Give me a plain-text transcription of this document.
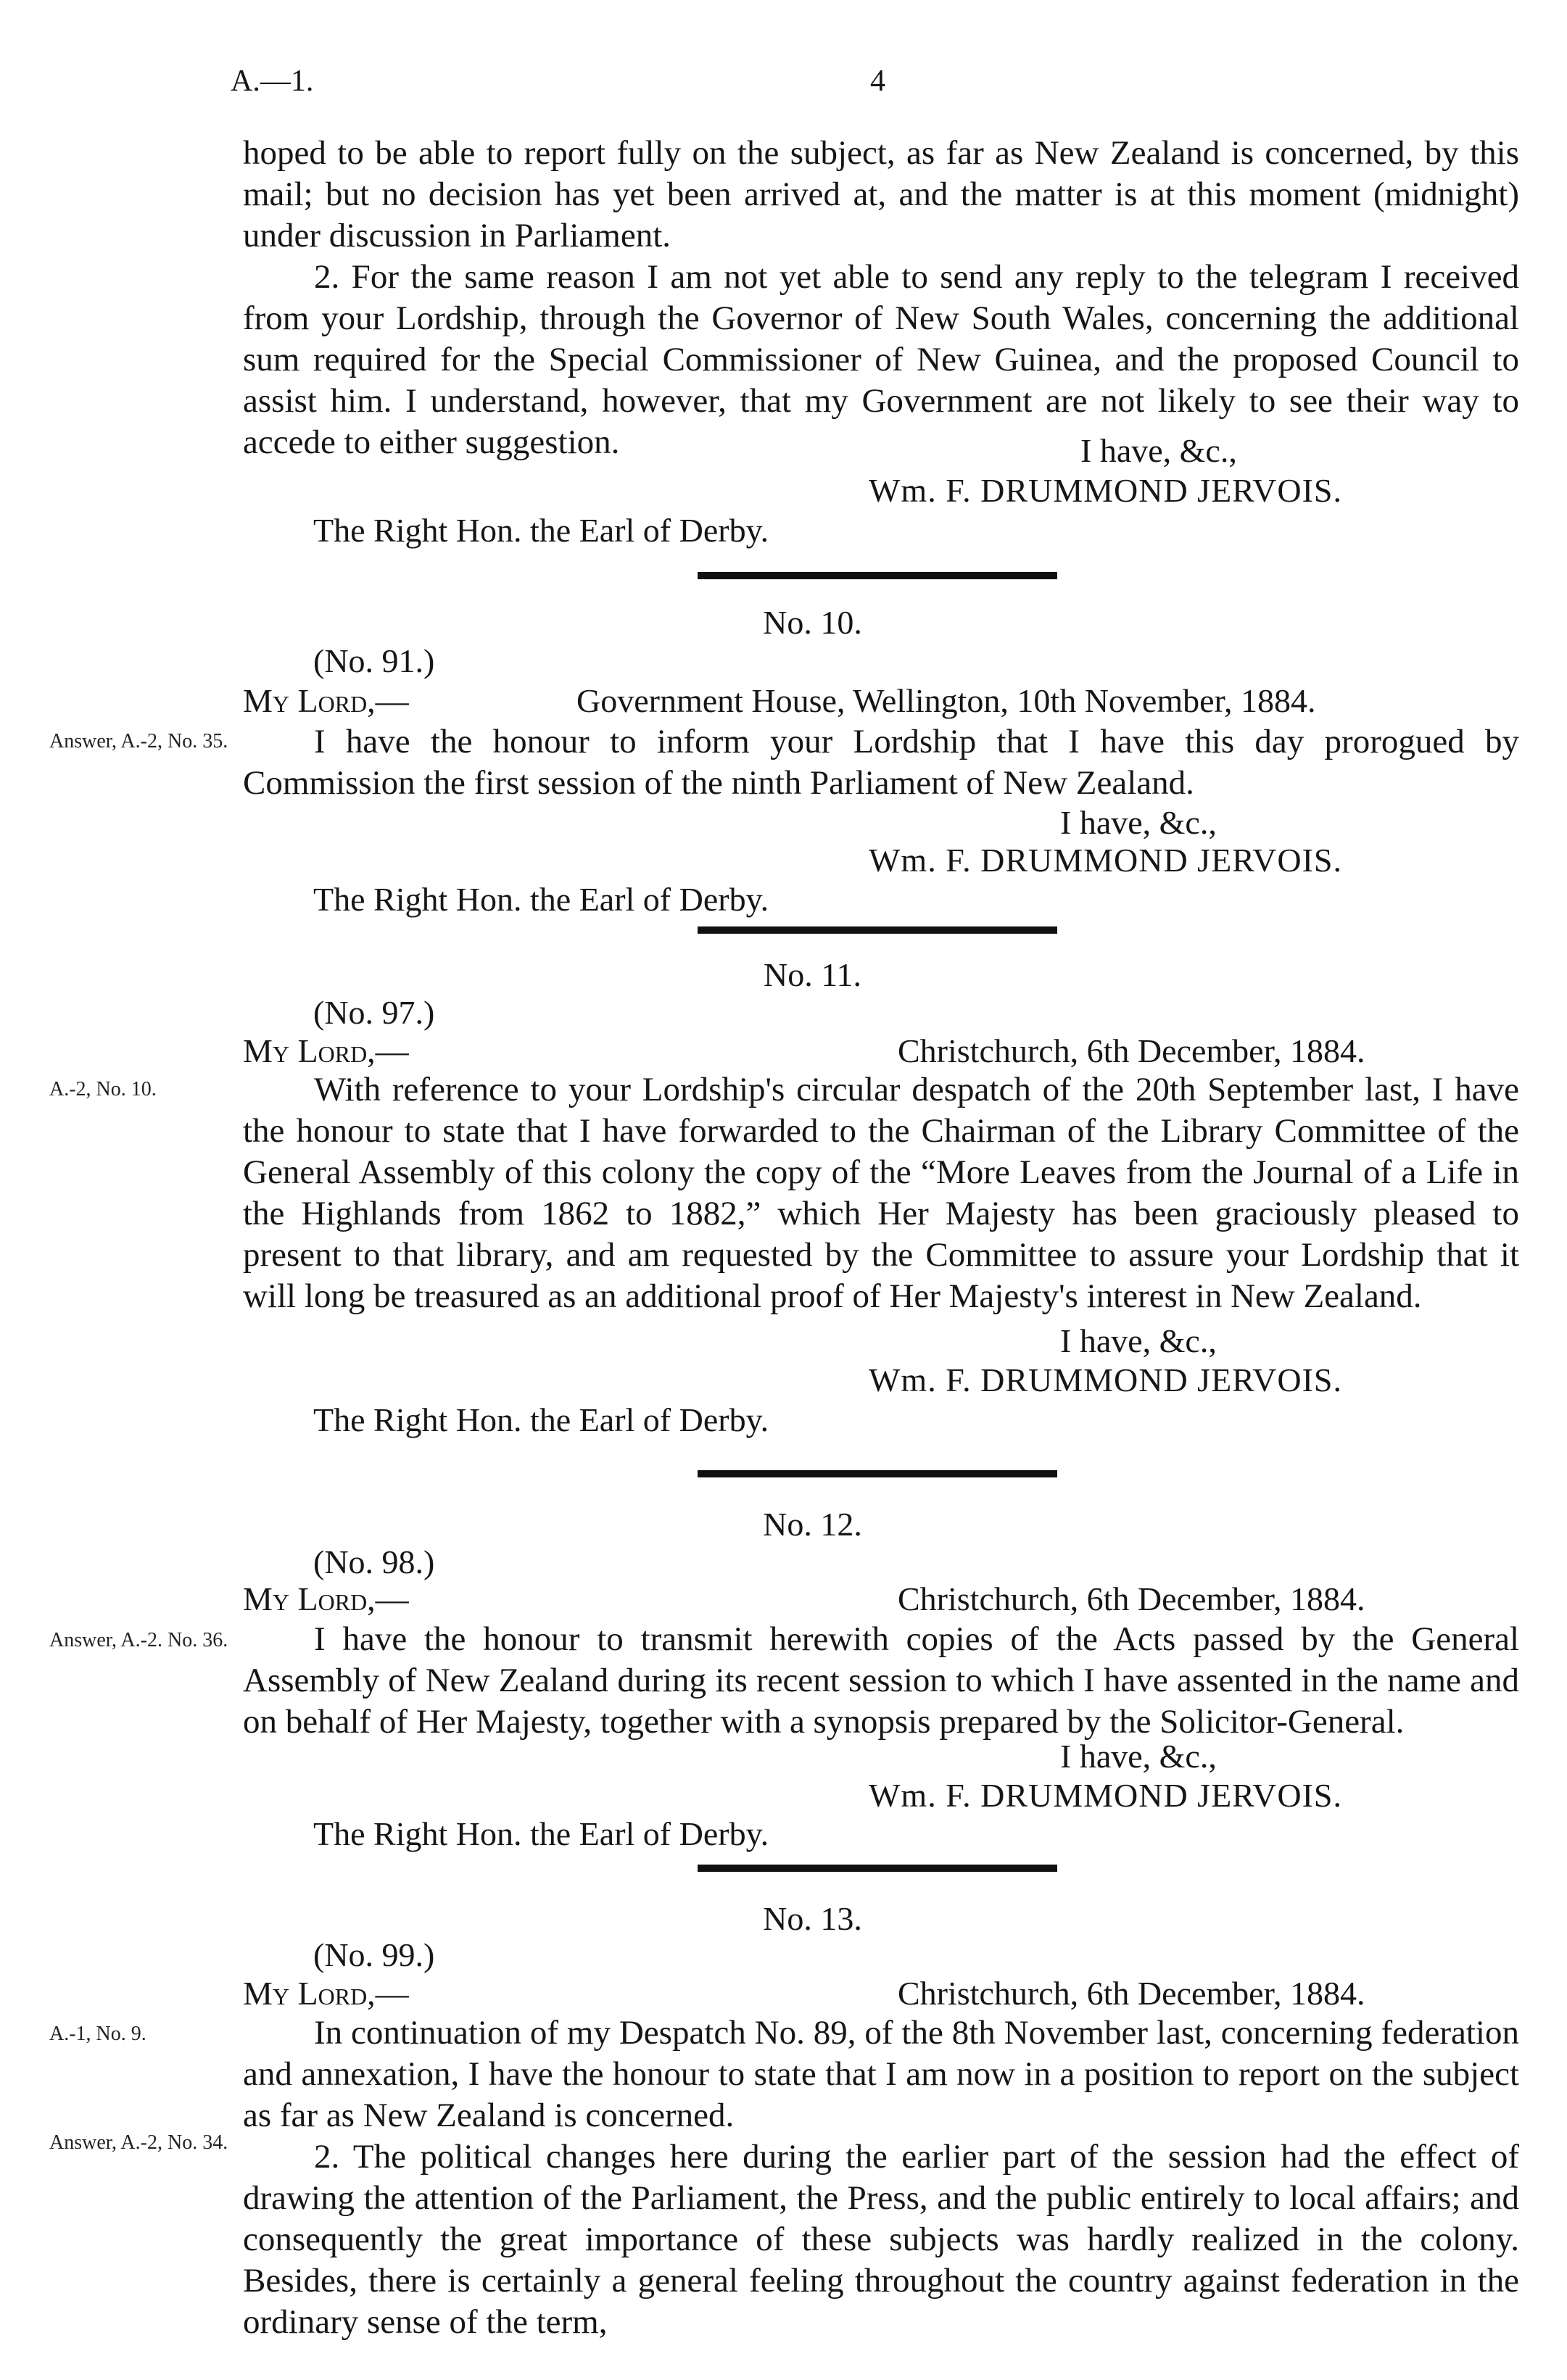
A.—1.	4

hoped to be able to report fully on the subject, as far as New Zealand is concerned, by this mail; but no decision has yet been arrived at, and the matter is at this moment (midnight) under discussion in Parliament.

2. For the same reason I am not yet able to send any reply to the telegram I received from your Lordship, through the Governor of New South Wales, concerning the additional sum required for the Special Commissioner of New Guinea, and the proposed Council to assist him. I understand, however, that my Government are not likely to see their way to accede to either suggestion.	I have, &c.,
Wm. F. DRUMMOND JERVOIS.
The Right Hon. the Earl of Derby.
No. 10.
(No. 91.)
My Lord,—	Government House, Wellington, 10th November, 1884.
Answer, A.-2, No. 35.	I have the honour to inform your Lordship that I have this day prorogued by Commission the first session of the ninth Parliament of New Zealand.

I have, &c.,
Wm. F. DRUMMOND JERVOIS.
The Right Hon. the Earl of Derby.
No. 11.
(No. 97.)
My Lord,—	Christchurch, 6th December, 1884.
A.-2, No. 10.	With reference to your Lordship's circular despatch of the 20th September last, I have the honour to state that I have forwarded to the Chairman of the Library Committee of the General Assembly of this colony the copy of the “More Leaves from the Journal of a Life in the Highlands from 1862 to 1882,” which Her Majesty has been graciously pleased to present to that library, and am requested by the Committee to assure your Lordship that it will long be treasured as an additional proof of Her Majesty's interest in New Zealand.

I have, &c.,
Wm. F. DRUMMOND JERVOIS.
The Right Hon. the Earl of Derby.
No. 12.
(No. 98.)
My Lord,—	Christchurch, 6th December, 1884.
Answer, A.-2. No. 36.	I have the honour to transmit herewith copies of the Acts passed by the General Assembly of New Zealand during its recent session to which I have assented in the name and on behalf of Her Majesty, together with a synopsis prepared by the Solicitor-General.

I have, &c.,
Wm. F. DRUMMOND JERVOIS.
The Right Hon. the Earl of Derby.
No. 13.
(No. 99.)
My Lord,—	Christchurch, 6th December, 1884.
A.-1, No. 9.
Answer, A.-2, No. 34.

In continuation of my Despatch No. 89, of the 8th November last, concerning federation and annexation, I have the honour to state that I am now in a position to report on the subject as far as New Zealand is concerned.

2. The political changes here during the earlier part of the session had the effect of drawing the attention of the Parliament, the Press, and the public entirely to local affairs; and consequently the great importance of these subjects was hardly realized in the colony. Besides, there is certainly a general feeling throughout the country against federation in the ordinary sense of the term,
